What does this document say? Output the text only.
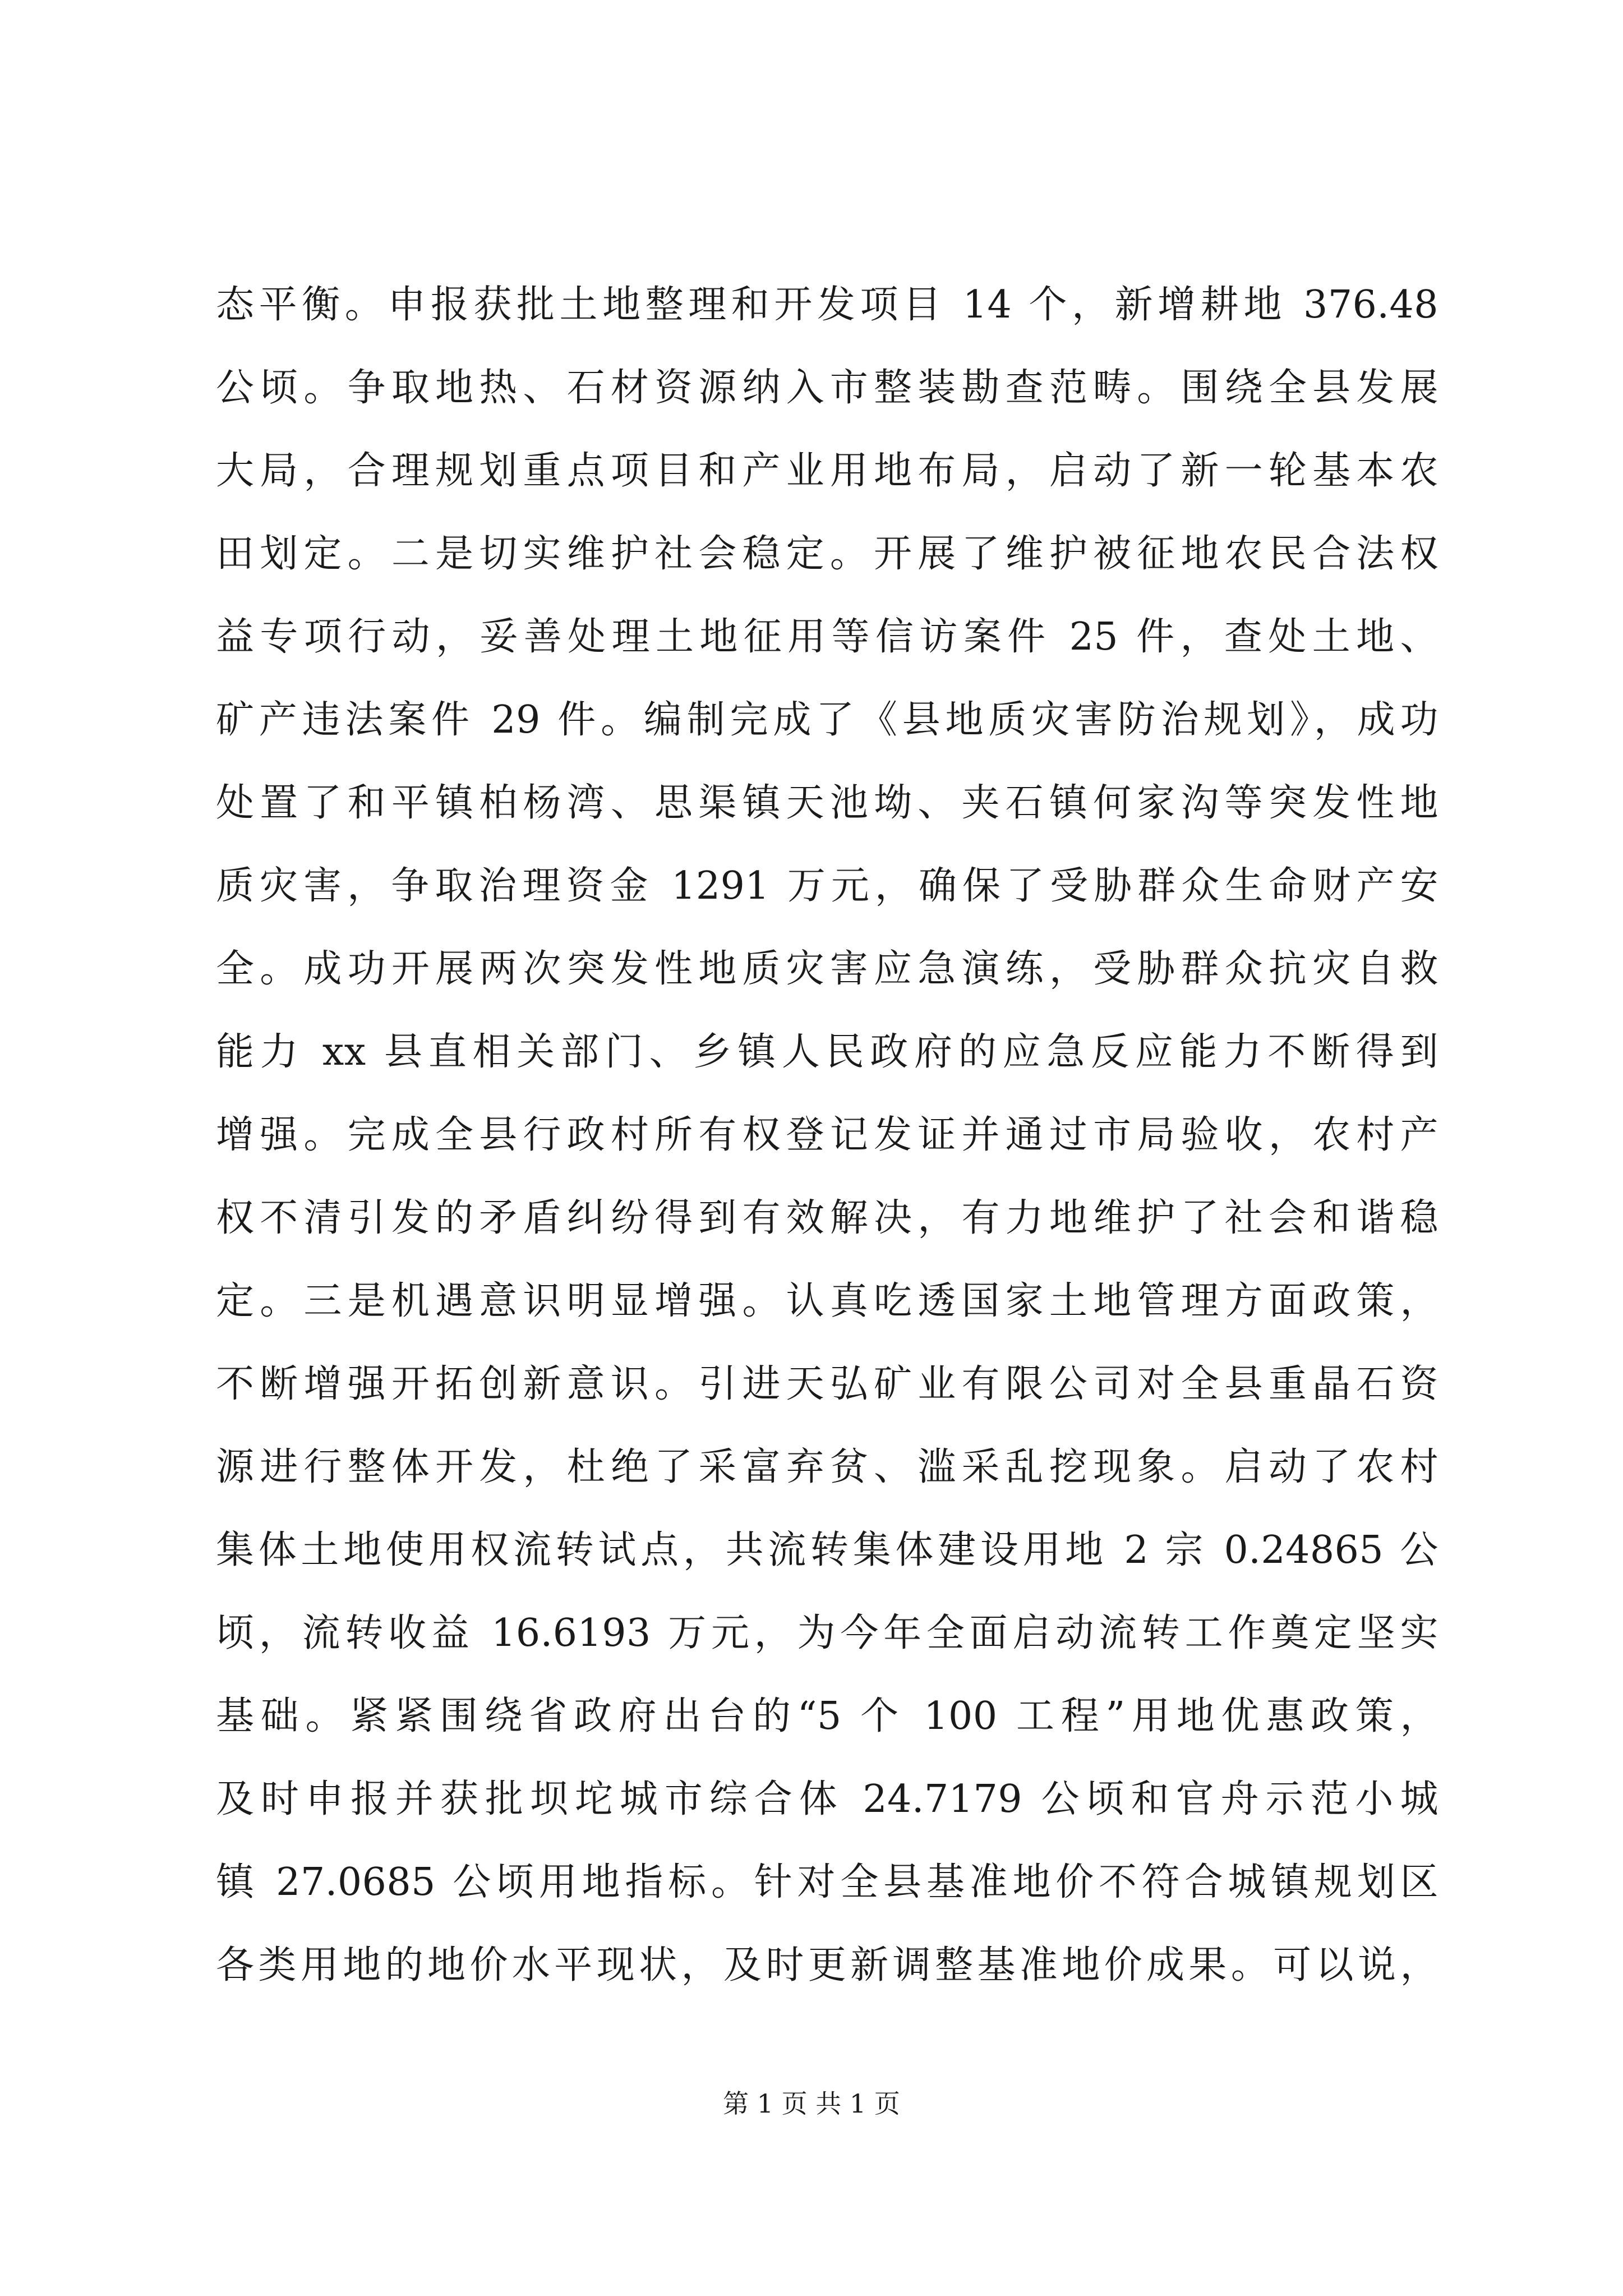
态平衡。申报获批土地整理和开发项目 14 个，新增耕地 376.48
公顷。争取地热、石材资源纳入市整装勘查范畴。围绕全县发展
大局，合理规划重点项目和产业用地布局，启动了新一轮基本农
田划定。二是切实维护社会稳定。开展了维护被征地农民合法权
益专项行动，妥善处理土地征用等信访案件 25 件，查处土地、
矿产违法案件 29 件。编制完成了《县地质灾害防治规划》，成功
处置了和平镇柏杨湾、思渠镇天池坳、夹石镇何家沟等突发性地
质灾害，争取治理资金 1291 万元，确保了受胁群众生命财产安
全。成功开展两次突发性地质灾害应急演练，受胁群众抗灾自救
能力 xx 县直相关部门、乡镇人民政府的应急反应能力不断得到
增强。完成全县行政村所有权登记发证并通过市局验收，农村产
权不清引发的矛盾纠纷得到有效解决，有力地维护了社会和谐稳
定。三是机遇意识明显增强。认真吃透国家土地管理方面政策，
不断增强开拓创新意识。引进天弘矿业有限公司对全县重晶石资
源进行整体开发，杜绝了采富弃贫、滥采乱挖现象。启动了农村
集体土地使用权流转试点，共流转集体建设用地 2 宗 0.24865 公
顷，流转收益 16.6193 万元，为今年全面启动流转工作奠定坚实
基础。紧紧围绕省政府出台的“5 个 100 工程”用地优惠政策，
及时申报并获批坝坨城市综合体 24.7179 公顷和官舟示范小城
镇 27.0685 公顷用地指标。针对全县基准地价不符合城镇规划区
各类用地的地价水平现状，及时更新调整基准地价成果。可以说，
第 1 页 共 1 页
